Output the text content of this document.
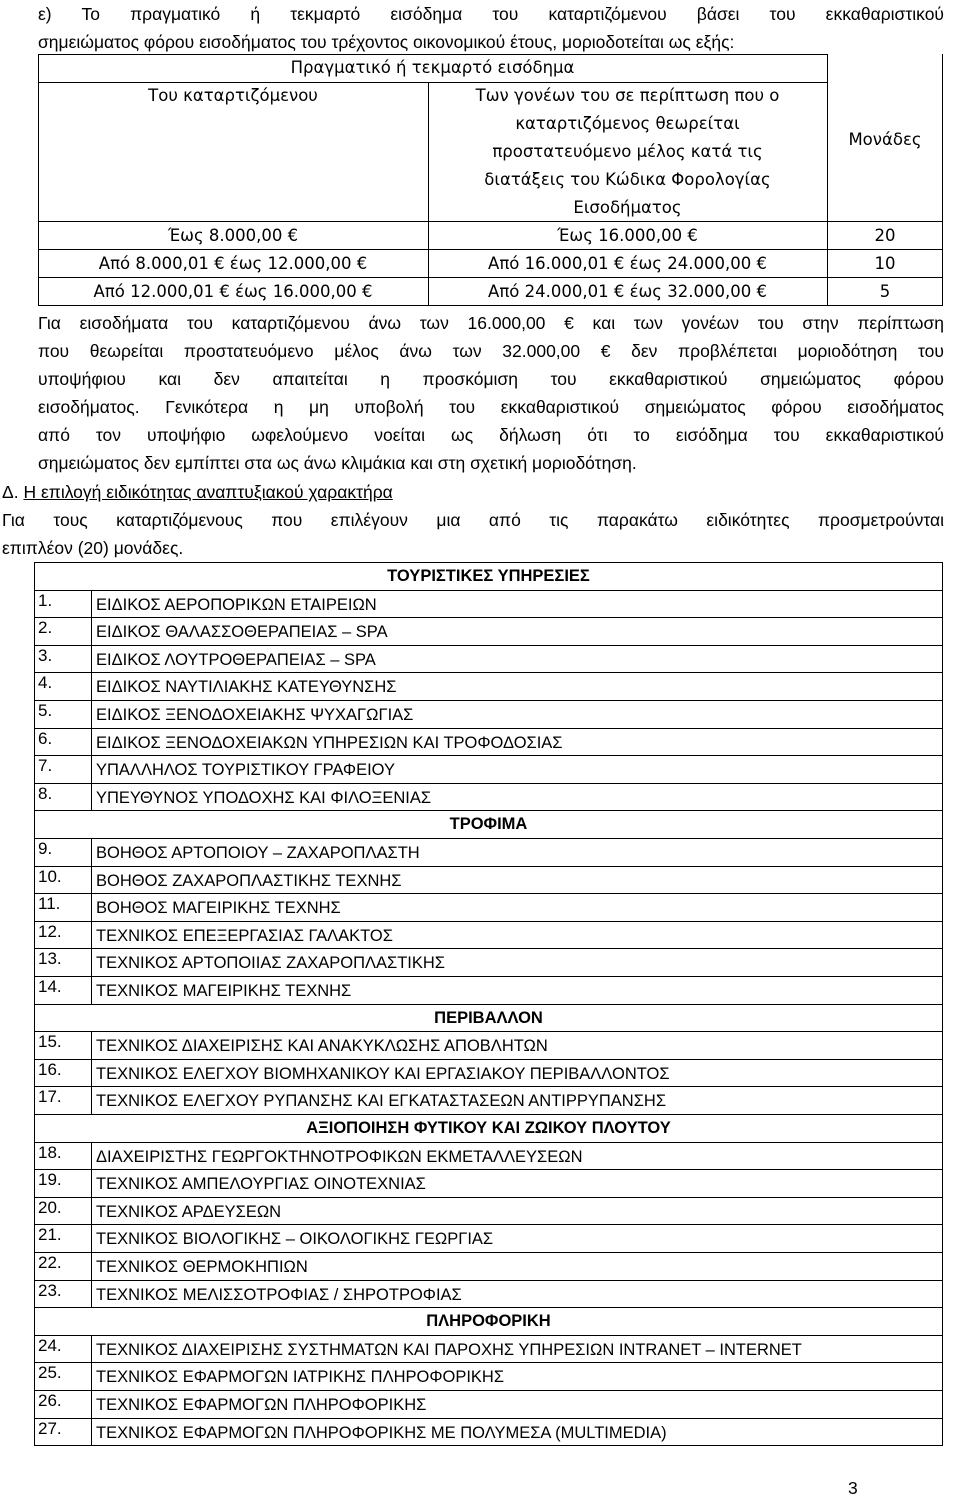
ε) Το πραγματικό ή τεκμαρτό εισόδημα του καταρτιζόμενου βάσει του εκκαθαριστικού
σημειώματος φόρου εισοδήματος του τρέχοντος οικονομικού έτους, μοριοδοτείται ως εξής:
Πραγματικό ή τεκμαρτό εισόδημα
Του καταρτιζόμενου	Των γονέων του σε περίπτωση που ο
καταρτιζόμενος θεωρείται
προστατευόμενο μέλος κατά τις
διατάξεις του Κώδικα Φορολογίας
Εισοδήματος
Μονάδες
Έως 8.000,00 €	Έως 16.000,00 €	20
Από 8.000,01 € έως 12.000,00 €	Από 16.000,01 € έως 24.000,00 €	10
Από 12.000,01 € έως 16.000,00 €	Από 24.000,01 € έως 32.000,00 €	5
Για εισοδήματα του καταρτιζόμενου άνω των 16.000,00 € και των γονέων του στην περίπτωση
που θεωρείται προστατευόμενο μέλος άνω των 32.000,00 € δεν προβλέπεται μοριοδότηση του
υποψήφιου και δεν απαιτείται η προσκόμιση του εκκαθαριστικού σημειώματος φόρου
εισοδήματος. Γενικότερα η μη υποβολή του εκκαθαριστικού σημειώματος φόρου εισοδήματος
από τον υποψήφιο ωφελούμενο νοείται ως δήλωση ότι το εισόδημα του εκκαθαριστικού
σημειώματος δεν εμπίπτει στα ως άνω κλιμάκια και στη σχετική μοριοδότηση.
Δ. Η επιλογή ειδικότητας αναπτυξιακού χαρακτήρα
Για τους καταρτιζόμενους που επιλέγουν μια από τις παρακάτω ειδικότητες προσμετρούνται
επιπλέον (20) μονάδες.
ΤΟΥΡΙΣΤΙΚΕΣ ΥΠΗΡΕΣΙΕΣ
1.	ΕΙΔΙΚΟΣ ΑΕΡΟΠΟΡΙΚΩΝ ΕΤΑΙΡΕΙΩΝ
2.	ΕΙΔΙΚΟΣ ΘΑΛΑΣΣΟΘΕΡΑΠΕΙΑΣ – SPA
3.	ΕΙΔΙΚΟΣ ΛΟΥΤΡΟΘΕΡΑΠΕΙΑΣ – SPA
4.	ΕΙΔΙΚΟΣ ΝΑΥΤΙΛΙΑΚΗΣ ΚΑΤΕΥΘΥΝΣΗΣ
5.	ΕΙΔΙΚΟΣ ΞΕΝΟΔΟΧΕΙΑΚΗΣ ΨΥΧΑΓΩΓΙΑΣ
6.	ΕΙΔΙΚΟΣ ΞΕΝΟΔΟΧΕΙΑΚΩΝ ΥΠΗΡΕΣΙΩΝ ΚΑΙ ΤΡΟΦΟΔΟΣΙΑΣ
7.	ΥΠΑΛΛΗΛΟΣ ΤΟΥΡΙΣΤΙΚΟΥ ΓΡΑΦΕΙΟΥ
8.	ΥΠΕΥΘΥΝΟΣ ΥΠΟΔΟΧΗΣ ΚΑΙ ΦΙΛΟΞΕΝΙΑΣ
ΤΡΟΦΙΜΑ
9.	ΒΟΗΘΟΣ ΑΡΤΟΠΟΙΟΥ – ΖΑΧΑΡΟΠΛΑΣΤΗ
10.	ΒΟΗΘΟΣ ΖΑΧΑΡΟΠΛΑΣΤΙΚΗΣ ΤΕΧΝΗΣ
11.	ΒΟΗΘΟΣ ΜΑΓΕΙΡΙΚΗΣ ΤΕΧΝΗΣ
12.	ΤΕΧΝΙΚΟΣ ΕΠΕΞΕΡΓΑΣΙΑΣ ΓΑΛΑΚΤΟΣ
13.	ΤΕΧΝΙΚΟΣ ΑΡΤΟΠΟΙΙΑΣ ΖΑΧΑΡΟΠΛΑΣΤΙΚΗΣ
14.	ΤΕΧΝΙΚΟΣ ΜΑΓΕΙΡΙΚΗΣ ΤΕΧΝΗΣ
ΠΕΡΙΒΑΛΛΟΝ
15.	ΤΕΧΝΙΚΟΣ ΔΙΑΧΕΙΡΙΣΗΣ ΚΑΙ ΑΝΑΚΥΚΛΩΣΗΣ ΑΠΟΒΛΗΤΩΝ
16.	ΤΕΧΝΙΚΟΣ ΕΛΕΓΧΟΥ ΒΙΟΜΗΧΑΝΙΚΟΥ ΚΑΙ ΕΡΓΑΣΙΑΚΟΥ ΠΕΡΙΒΑΛΛΟΝΤΟΣ
17.	ΤΕΧΝΙΚΟΣ ΕΛΕΓΧΟΥ ΡΥΠΑΝΣΗΣ ΚΑΙ ΕΓΚΑΤΑΣΤΑΣΕΩΝ ΑΝΤΙΡΡΥΠΑΝΣΗΣ
ΑΞΙΟΠΟΙΗΣΗ ΦΥΤΙΚΟΥ ΚΑΙ ΖΩΙΚΟΥ ΠΛΟΥΤΟΥ
18.	ΔΙΑΧΕΙΡΙΣΤΗΣ ΓΕΩΡΓΟΚΤΗΝΟΤΡΟΦΙΚΩΝ ΕΚΜΕΤΑΛΛΕΥΣΕΩΝ
19.	ΤΕΧΝΙΚΟΣ ΑΜΠΕΛΟΥΡΓΙΑΣ ΟΙΝΟΤΕΧΝΙΑΣ
20.	ΤΕΧΝΙΚΟΣ ΑΡΔΕΥΣΕΩΝ
21.	ΤΕΧΝΙΚΟΣ ΒΙΟΛΟΓΙΚΗΣ – ΟΙΚΟΛΟΓΙΚΗΣ ΓΕΩΡΓΙΑΣ
22.	ΤΕΧΝΙΚΟΣ ΘΕΡΜΟΚΗΠΙΩΝ
23.	ΤΕΧΝΙΚΟΣ ΜΕΛΙΣΣΟΤΡΟΦΙΑΣ / ΣΗΡΟΤΡΟΦΙΑΣ
ΠΛΗΡΟΦΟΡΙΚΗ
24.	ΤΕΧΝΙΚΟΣ ΔΙΑΧΕΙΡΙΣΗΣ ΣΥΣΤΗΜΑΤΩΝ ΚΑΙ ΠΑΡΟΧΗΣ ΥΠΗΡΕΣΙΩΝ INTRANET – INTERNET
25.	ΤΕΧΝΙΚΟΣ ΕΦΑΡΜΟΓΩΝ ΙΑΤΡΙΚΗΣ ΠΛΗΡΟΦΟΡΙΚΗΣ
26.	ΤΕΧΝΙΚΟΣ ΕΦΑΡΜΟΓΩΝ ΠΛΗΡΟΦΟΡΙΚΗΣ
27.	ΤΕΧΝΙΚΟΣ ΕΦΑΡΜΟΓΩΝ ΠΛΗΡΟΦΟΡΙΚΗΣ ΜΕ ΠΟΛΥΜΕΣΑ (MULTIMEDIA)
3
